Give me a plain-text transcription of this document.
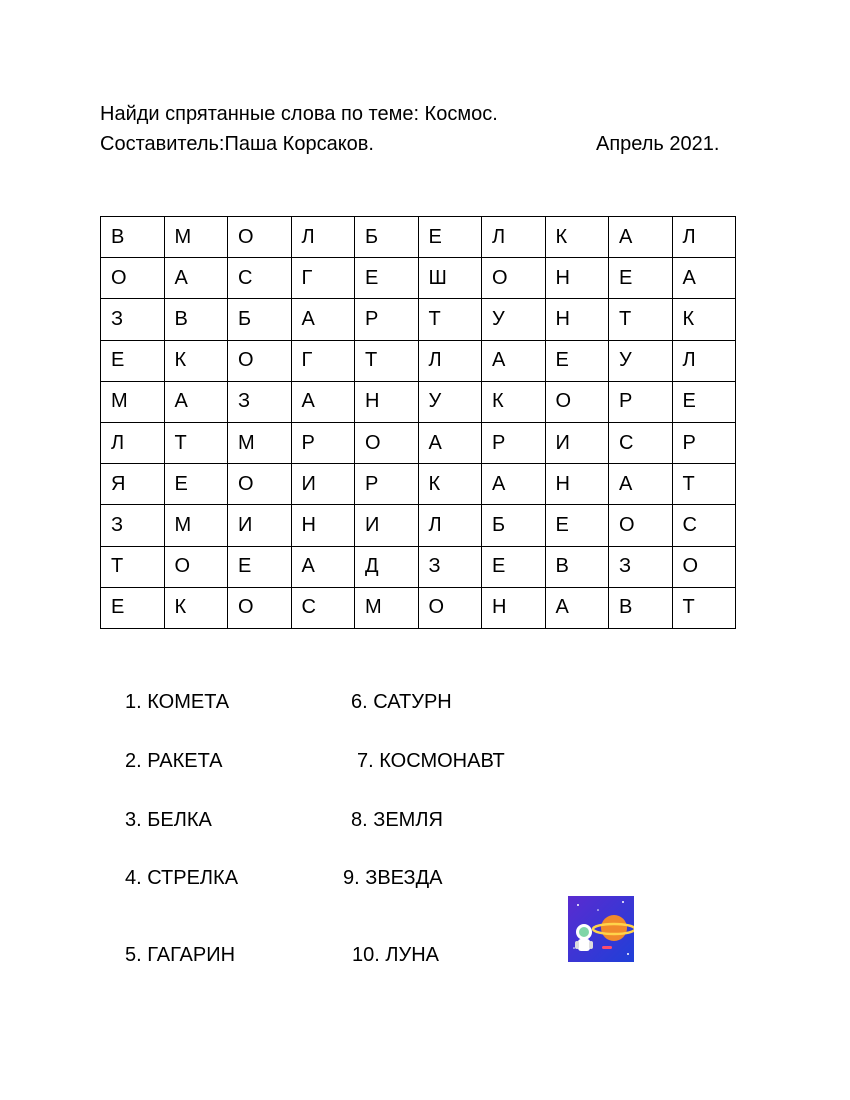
Найди спрятанные слова по теме: Космос.
Составитель:Паша Корсаков.	Апрель 2021.
В	М	О	Л	Б	Е	Л	К	А	Л
О	А	С	Г	Е	Ш	О	Н	Е	А
З	В	Б	А	Р	Т	У	Н	Т	К
Е	К	О	Г	Т	Л	А	Е	У	Л
М	А	З	А	Н	У	К	О	Р	Е
Л	Т	М	Р	О	А	Р	И	С	Р
Я	Е	О	И	Р	К	А	Н	А	Т
З	М	И	Н	И	Л	Б	Е	О	С
Т	О	Е	А	Д	З	Е	В	З	О
Е	К	О	С	М	О	Н	А	В	Т
1. КОМЕТА
2. РАКЕТА
3. БЕЛКА
4. СТРЕЛКА
5. ГАГАРИН
6. САТУРН
7. КОСМОНАВТ
8. ЗЕМЛЯ
9. ЗВЕЗДА
10. ЛУНА
